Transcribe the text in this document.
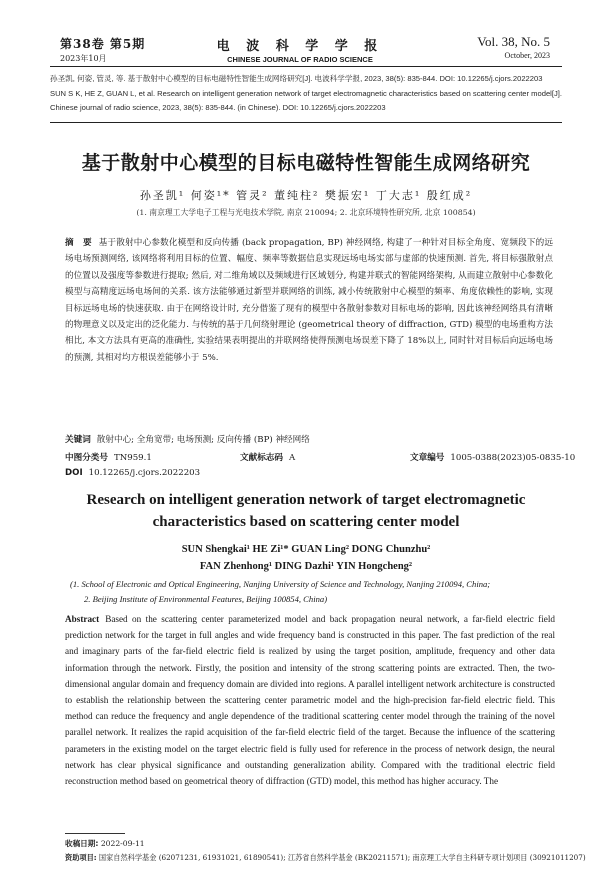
第38卷 第5期
2023年10月
电 波 科 学 学 报
CHINESE JOURNAL OF RADIO SCIENCE
Vol. 38, No. 5
October, 2023
孙圣凯, 何姿, 管灵, 等. 基于散射中心模型的目标电磁特性智能生成网络研究[J]. 电波科学学报, 2023, 38(5): 835-844. DOI: 10.12265/j.cjors.2022203
SUN S K, HE Z, GUAN L, et al. Research on intelligent generation network of target electromagnetic characteristics based on scattering center model[J].
Chinese journal of radio science, 2023, 38(5): 835-844. (in Chinese). DOI: 10.12265/j.cjors.2022203
基于散射中心模型的目标电磁特性智能生成网络研究
孙圣凯¹ 何姿¹* 管灵² 董纯柱² 樊振宏¹ 丁大志¹ 殷红成²
(1. 南京理工大学电子工程与光电技术学院, 南京 210094; 2. 北京环境特性研究所, 北京 100854)
摘 要 基于散射中心参数化模型和反向传播 (back propagation, BP) 神经网络, 构建了一种针对目标全角度、宽频段下的远场电场预测网络, 该网络将利用目标的位置、幅度、频率等数据信息实现远场电场实部与虚部的快速预测. 首先, 将目标强散射点的位置以及强度等参数进行提取; 然后, 对二维角域以及频域进行区域划分, 构建并联式的智能网络架构, 从而建立散射中心参数化模型与高精度远场电场间的关系. 该方法能够通过新型并联网络的训练, 减小传统散射中心模型的频率、角度依赖性的影响, 实现目标远场电场的快速获取. 由于在网络设计时, 充分借鉴了现有的模型中各散射参数对目标电场的影响, 因此该神经网络具有清晰的物理意义以及定出的泛化能力. 与传统的基于几何绕射理论 (geometrical theory of diffraction, GTD) 模型的电场重构方法相比, 本文方法具有更高的准确性, 实验结果表明提出的并联网络使得预测电场误差下降了 18%以上, 同时针对目标后向远场电场的预测, 其相对均方根误差能够小于 5%.
关键词 散射中心; 全角宽带; 电场预测; 反向传播 (BP) 神经网络
中图分类号 TN959.1	文献标志码 A	文章编号 1005-0388(2023)05-0835-10
DOI 10.12265/j.cjors.2022203
Research on intelligent generation network of target electromagnetic
characteristics based on scattering center model
SUN Shengkai¹ HE Zi¹* GUAN Ling² DONG Chunzhu²
FAN Zhenhong¹ DING Dazhi¹ YIN Hongcheng²
(1. School of Electronic and Optical Engineering, Nanjing University of Science and Technology, Nanjing 210094, China;
2. Beijing Institute of Environmental Features, Beijing 100854, China)
Abstract Based on the scattering center parameterized model and back propagation neural network, a far-field electric field prediction network for the target in full angles and wide frequency band is constructed in this paper. The fast prediction of the real and imaginary parts of the far-field electric field is realized by using the target position, amplitude, frequency and other data information through the network. Firstly, the position and intensity of the strong scattering points are extracted. Then, the two-dimensional angular domain and frequency domain are divided into regions. A parallel intelligent network architecture is constructed to establish the relationship between the scattering center parametric model and the high-precision far-field electric field. This method can reduce the frequency and angle dependence of the traditional scattering center model through the training of the novel parallel network. It realizes the rapid acquisition of the far-field electric field of the target. Because the influence of the scattering parameters in the existing model on the target electric field is fully used for reference in the process of network design, the neural network has clear physical significance and outstanding generalization ability. Compared with the traditional electric field reconstruction method based on geometrical theory of diffraction (GTD) model, this method has higher accuracy. The
收稿日期: 2022-09-11
资助项目: 国家自然科学基金 (62071231, 61931021, 61890541); 江苏省自然科学基金 (BK20211571); 南京理工大学自主科研专项计划项目 (30921011207)
